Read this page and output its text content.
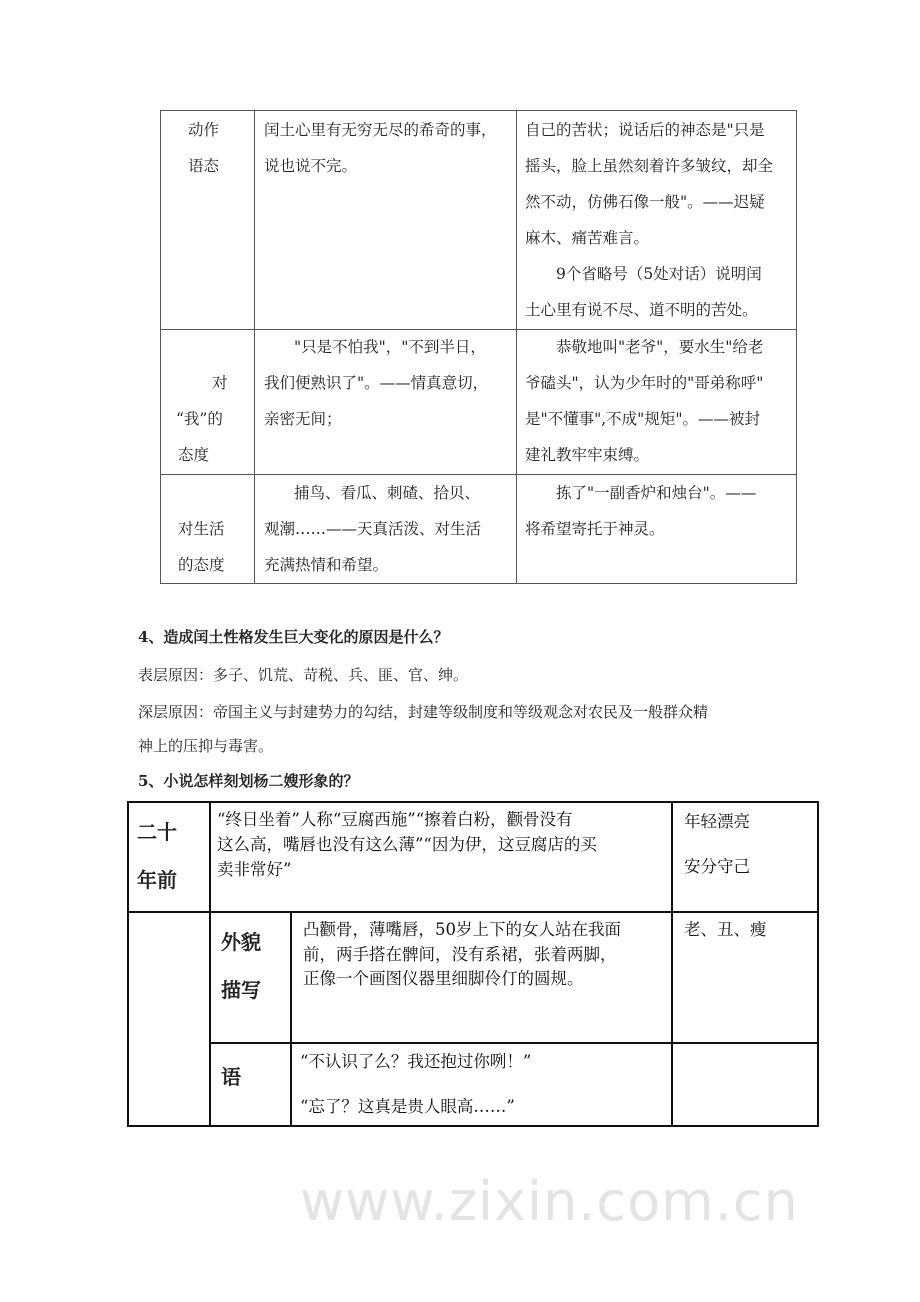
www.zixin.com.cn
动作
语态
闰土心里有无穷无尽的希奇的事，
说也说不完。
自己的苦状；说话后的神态是"只是
摇头，脸上虽然刻着许多皱纹，却全
然不动，仿佛石像一般"。——迟疑
麻木、痛苦难言。
9个省略号（5处对话）说明闰
土心里有说不尽、道不明的苦处。
对
“我”的
态度
"只是不怕我"，"不到半日，
我们便熟识了"。——情真意切，
亲密无间；
恭敬地叫"老爷"，要水生"给老
爷磕头"，认为少年时的"哥弟称呼"
是"不懂事",不成"规矩"。——被封
建礼教牢牢束缚。
对生活
的态度
捕鸟、看瓜、刺碴、拾贝、
观潮……——天真活泼、对生活
充满热情和希望。
拣了"一副香炉和烛台"。——
将希望寄托于神灵。
4、造成闰土性格发生巨大变化的原因是什么？
表层原因：多子、饥荒、苛税、兵、匪、官、绅。
深层原因：帝国主义与封建势力的勾结，封建等级制度和等级观念对农民及一般群众精
神上的压抑与毒害。
5、小说怎样刻划杨二嫂形象的？
二十
年前
“终日坐着”人称“豆腐西施”“擦着白粉，颧骨没有
这么高，嘴唇也没有这么薄”“因为伊，这豆腐店的买
卖非常好”
年轻漂亮
安分守己
外貌
描写
凸颧骨，薄嘴唇，50岁上下的女人站在我面
前，两手搭在髀间，没有系裙，张着两脚，
正像一个画图仪器里细脚伶仃的圆规。
老、丑、瘦
语
“不认识了么？我还抱过你咧！”
“忘了？这真是贵人眼高……”
